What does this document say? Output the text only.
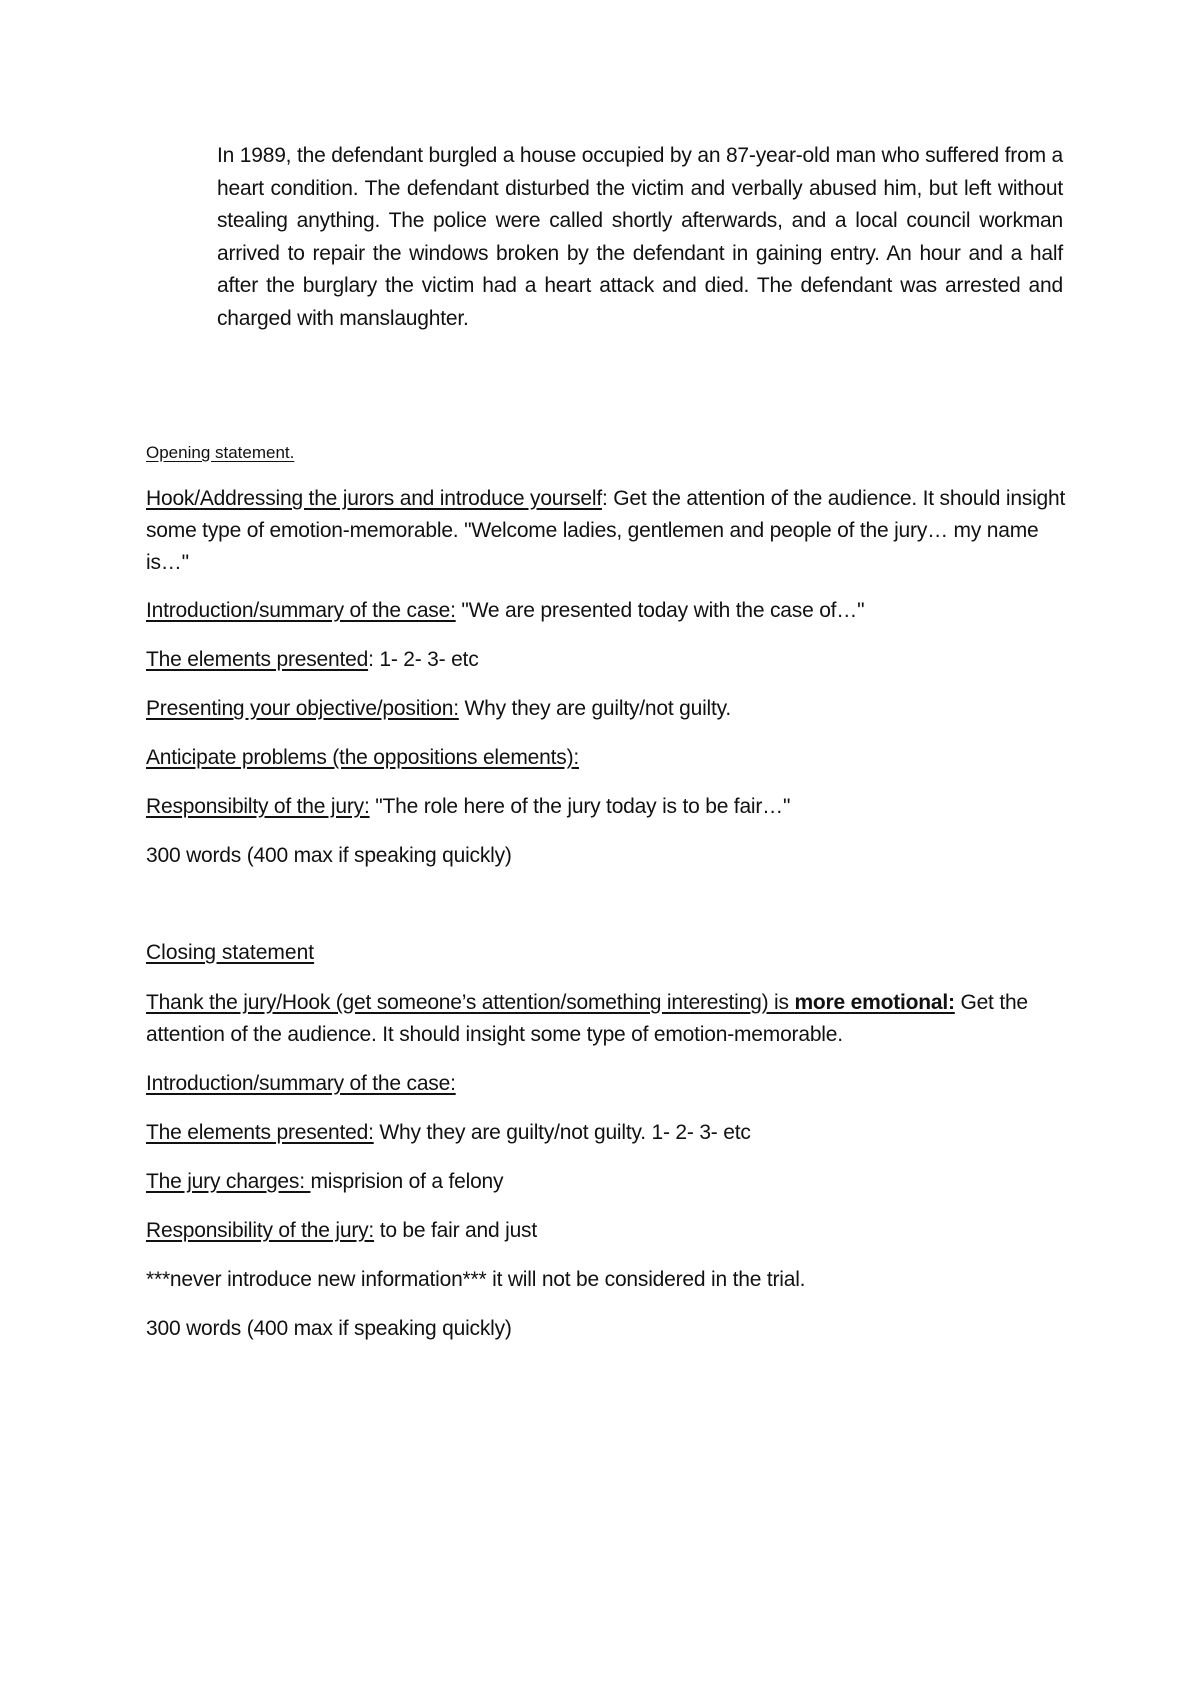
In 1989, the defendant burgled a house occupied by an 87-year-old man who suffered from a heart condition. The defendant disturbed the victim and verbally abused him, but left without stealing anything. The police were called shortly afterwards, and a local council workman arrived to repair the windows broken by the defendant in gaining entry. An hour and a half after the burglary the victim had a heart attack and died. The defendant was arrested and charged with manslaughter.

Opening statement.

Hook/Addressing the jurors and introduce yourself: Get the attention of the audience. It should insight some type of emotion-memorable. "Welcome ladies, gentlemen and people of the jury… my name is…"

Introduction/summary of the case: "We are presented today with the case of…"

The elements presented: 1- 2- 3- etc

Presenting your objective/position: Why they are guilty/not guilty.

Anticipate problems (the oppositions elements):

Responsibilty of the jury: "The role here of the jury today is to be fair…"

300 words (400 max if speaking quickly)

Closing statement

Thank the jury/Hook (get someone’s attention/something interesting) is more emotional: Get the attention of the audience. It should insight some type of emotion-memorable.

Introduction/summary of the case:

The elements presented: Why they are guilty/not guilty. 1- 2- 3- etc

The jury charges: misprision of a felony

Responsibility of the jury: to be fair and just

***never introduce new information*** it will not be considered in the trial.

300 words (400 max if speaking quickly)
